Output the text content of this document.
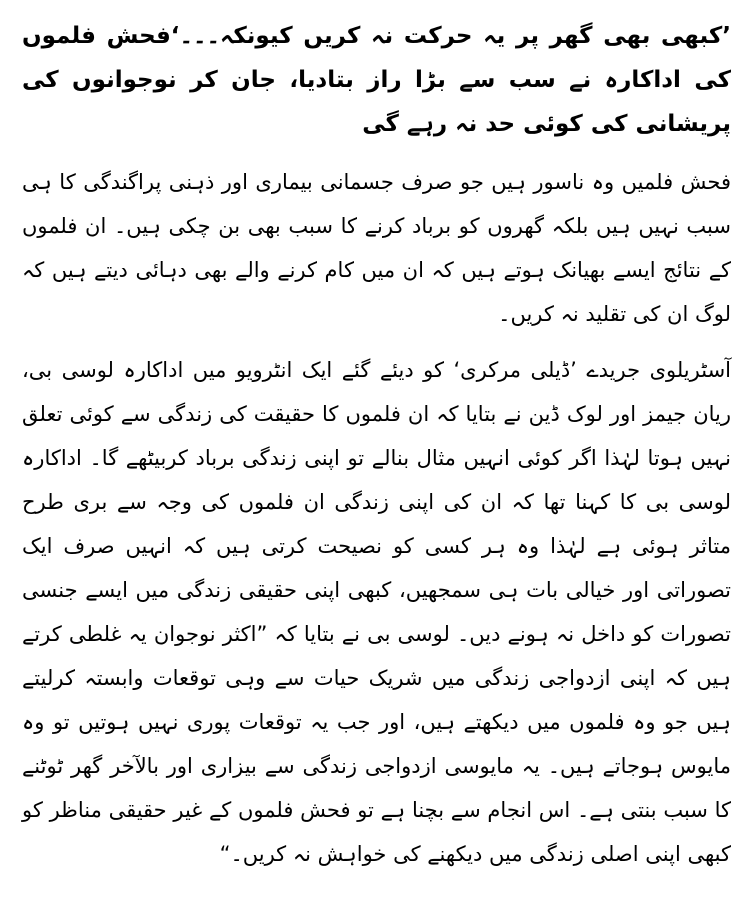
’کبھی بھی گھر پر یہ حرکت نہ کریں کیونکہ۔۔۔‘فحش فلموں کی اداکارہ نے سب سے بڑا راز بتادیا، جان کر نوجوانوں کی پریشانی کی کوئی حد نہ رہے گی

فحش فلمیں وہ ناسور ہیں جو صرف جسمانی بیماری اور ذہنی پراگندگی کا ہی سبب نہیں ہیں بلکہ گھروں کو برباد کرنے کا سبب بھی بن چکی ہیں۔ ان فلموں کے نتائج ایسے بھیانک ہوتے ہیں کہ ان میں کام کرنے والے بھی دہائی دیتے ہیں کہ لوگ ان کی تقلید نہ کریں۔

آسٹریلوی جریدے ’ڈیلی مرکری‘ کو دیئے گئے ایک انٹرویو میں اداکارہ لوسی بی، ریان جیمز اور لوک ڈین نے بتایا کہ ان فلموں کا حقیقت کی زندگی سے کوئی تعلق نہیں ہوتا لہٰذا اگر کوئی انہیں مثال بنالے تو اپنی زندگی برباد کربیٹھے گا۔ اداکارہ لوسی بی کا کہنا تھا کہ ان کی اپنی زندگی ان فلموں کی وجہ سے بری طرح متاثر ہوئی ہے لہٰذا وہ ہر کسی کو نصیحت کرتی ہیں کہ انہیں صرف ایک تصوراتی اور خیالی بات ہی سمجھیں، کبھی اپنی حقیقی زندگی میں ایسے جنسی تصورات کو داخل نہ ہونے دیں۔ لوسی بی نے بتایا کہ ”اکثر نوجوان یہ غلطی کرتے ہیں کہ اپنی ازدواجی زندگی میں شریک حیات سے وہی توقعات وابستہ کرلیتے ہیں جو وہ فلموں میں دیکھتے ہیں، اور جب یہ توقعات پوری نہیں ہوتیں تو وہ مایوس ہوجاتے ہیں۔ یہ مایوسی ازدواجی زندگی سے بیزاری اور بالآخر گھر ٹوٹنے کا سبب بنتی ہے۔ اس انجام سے بچنا ہے تو فحش فلموں کے غیر حقیقی مناظر کو کبھی اپنی اصلی زندگی میں دیکھنے کی خواہش نہ کریں۔“
